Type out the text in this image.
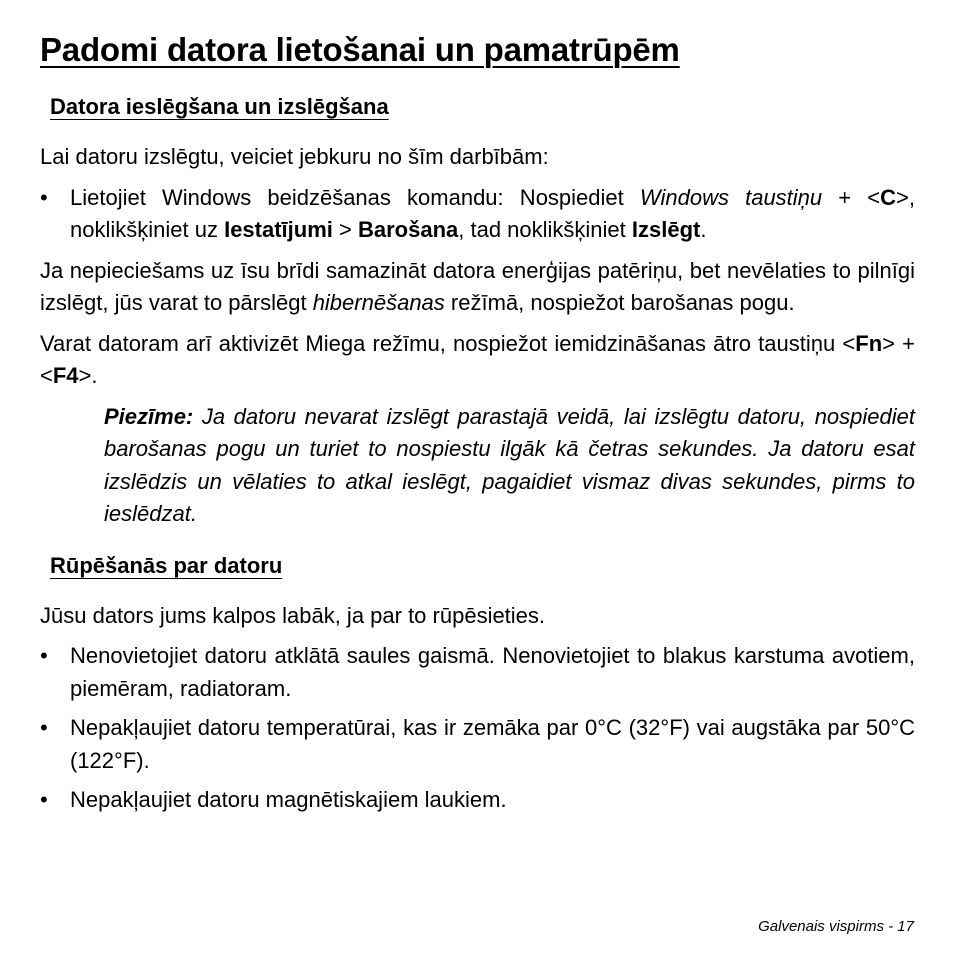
Padomi datora lietošanai un pamatrūpēm
Datora ieslēgšana un izslēgšana

Lai datoru izslēgtu, veiciet jebkuru no šīm darbībām:

• Lietojiet Windows beidzēšanas komandu: Nospiediet Windows taustiņu + <C>, noklikšķiniet uz Iestatījumi > Barošana, tad noklikšķiniet Izslēgt.

Ja nepieciešams uz īsu brīdi samazināt datora enerģijas patēriņu, bet nevēlaties to pilnīgi izslēgt, jūs varat to pārslēgt hibernēšanas režīmā, nospiežot barošanas pogu.

Varat datoram arī aktivizēt Miega režīmu, nospiežot iemidzināšanas ātro taustiņu <Fn> + <F4>.

Piezīme: Ja datoru nevarat izslēgt parastajā veidā, lai izslēgtu datoru, nospiediet barošanas pogu un turiet to nospiestu ilgāk kā četras sekundes. Ja datoru esat izslēdzis un vēlaties to atkal ieslēgt, pagaidiet vismaz divas sekundes, pirms to ieslēdzat.

Rūpēšanās par datoru

Jūsu dators jums kalpos labāk, ja par to rūpēsieties.

• Nenovietojiet datoru atklātā saules gaismā. Nenovietojiet to blakus karstuma avotiem, piemēram, radiatoram.
• Nepakļaujiet datoru temperatūrai, kas ir zemāka par 0°C (32°F) vai augstāka par 50°C (122°F).
• Nepakļaujiet datoru magnētiskajiem laukiem.
Galvenais vispirms - 17
